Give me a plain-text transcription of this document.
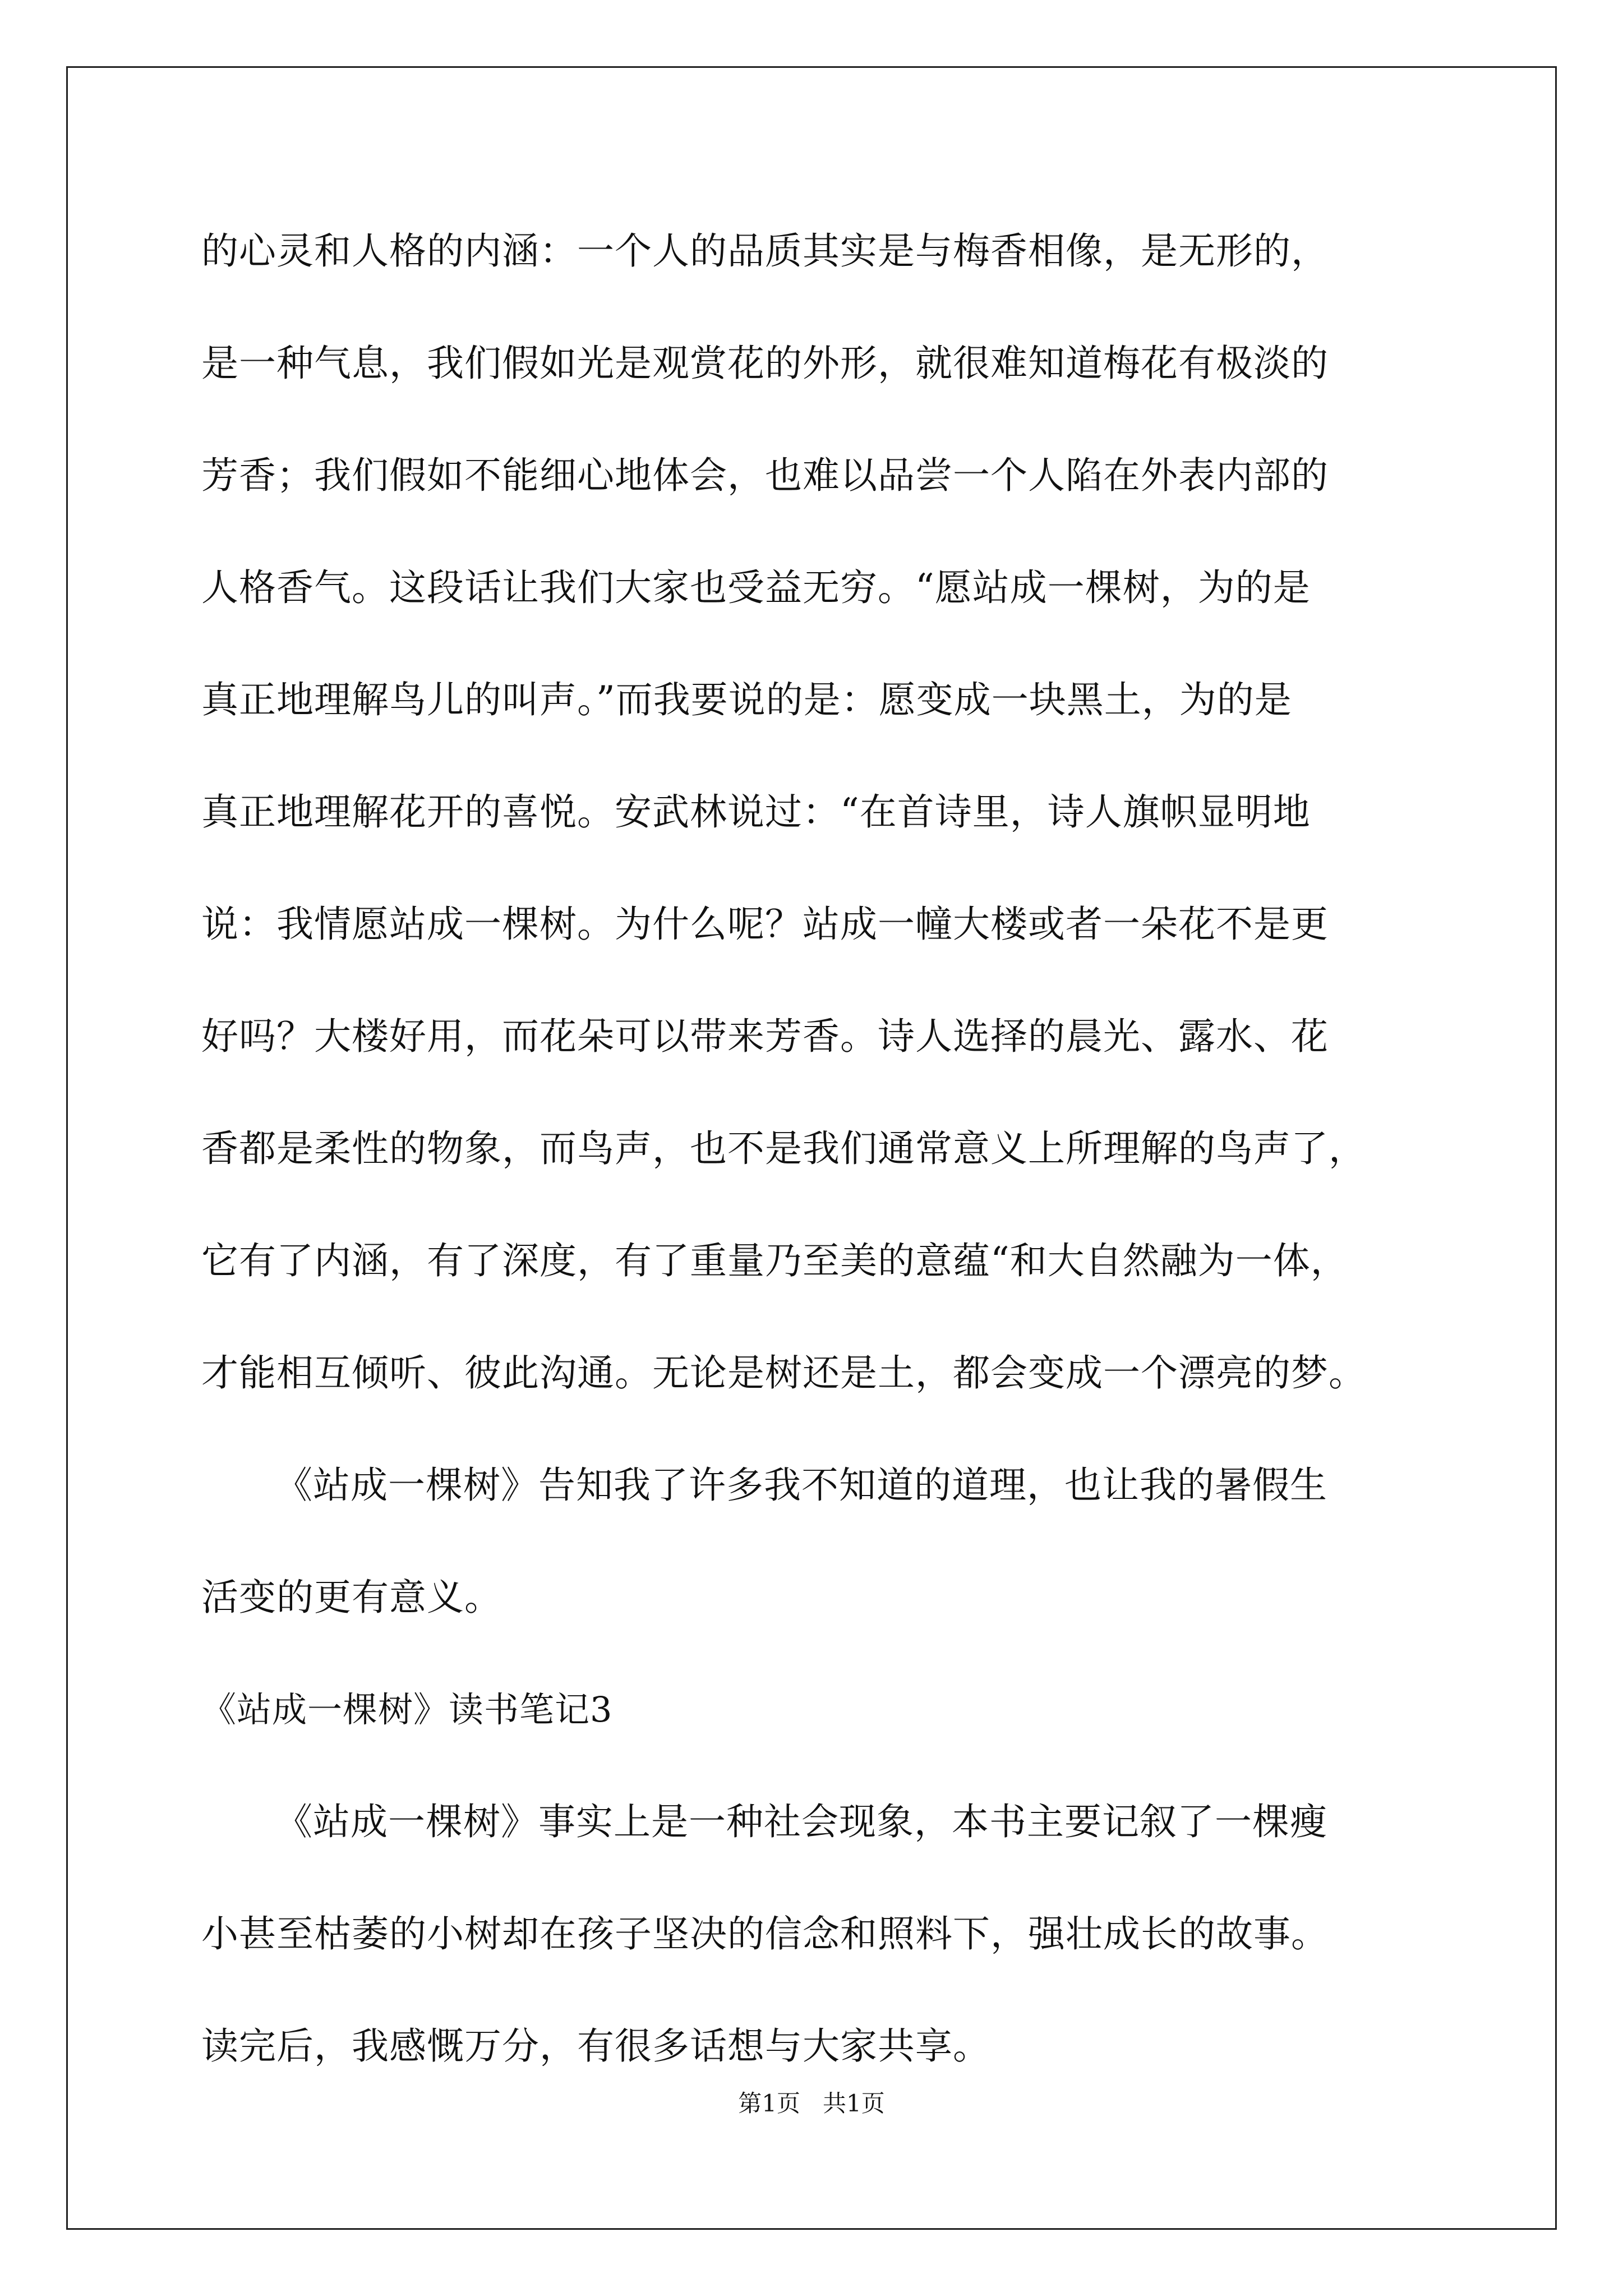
的心灵和人格的内涵：一个人的品质其实是与梅香相像，是无形的，
是一种气息，我们假如光是观赏花的外形，就很难知道梅花有极淡的
芳香；我们假如不能细心地体会，也难以品尝一个人陷在外表内部的
人格香气。这段话让我们大家也受益无穷。“愿站成一棵树，为的是
真正地理解鸟儿的叫声。”而我要说的是：愿变成一块黑土，为的是
真正地理解花开的喜悦。安武林说过：“在首诗里，诗人旗帜显明地
说：我情愿站成一棵树。为什么呢？站成一幢大楼或者一朵花不是更
好吗？大楼好用，而花朵可以带来芳香。诗人选择的晨光、露水、花
香都是柔性的物象，而鸟声，也不是我们通常意义上所理解的鸟声了，
它有了内涵，有了深度，有了重量乃至美的意蕴“和大自然融为一体，
才能相互倾听、彼此沟通。无论是树还是土，都会变成一个漂亮的梦。
《站成一棵树》告知我了许多我不知道的道理，也让我的暑假生
活变的更有意义。
《站成一棵树》读书笔记3
《站成一棵树》事实上是一种社会现象，本书主要记叙了一棵瘦
小甚至枯萎的小树却在孩子坚决的信念和照料下，强壮成长的故事。
读完后，我感慨万分，有很多话想与大家共享。
第1页   共1页
